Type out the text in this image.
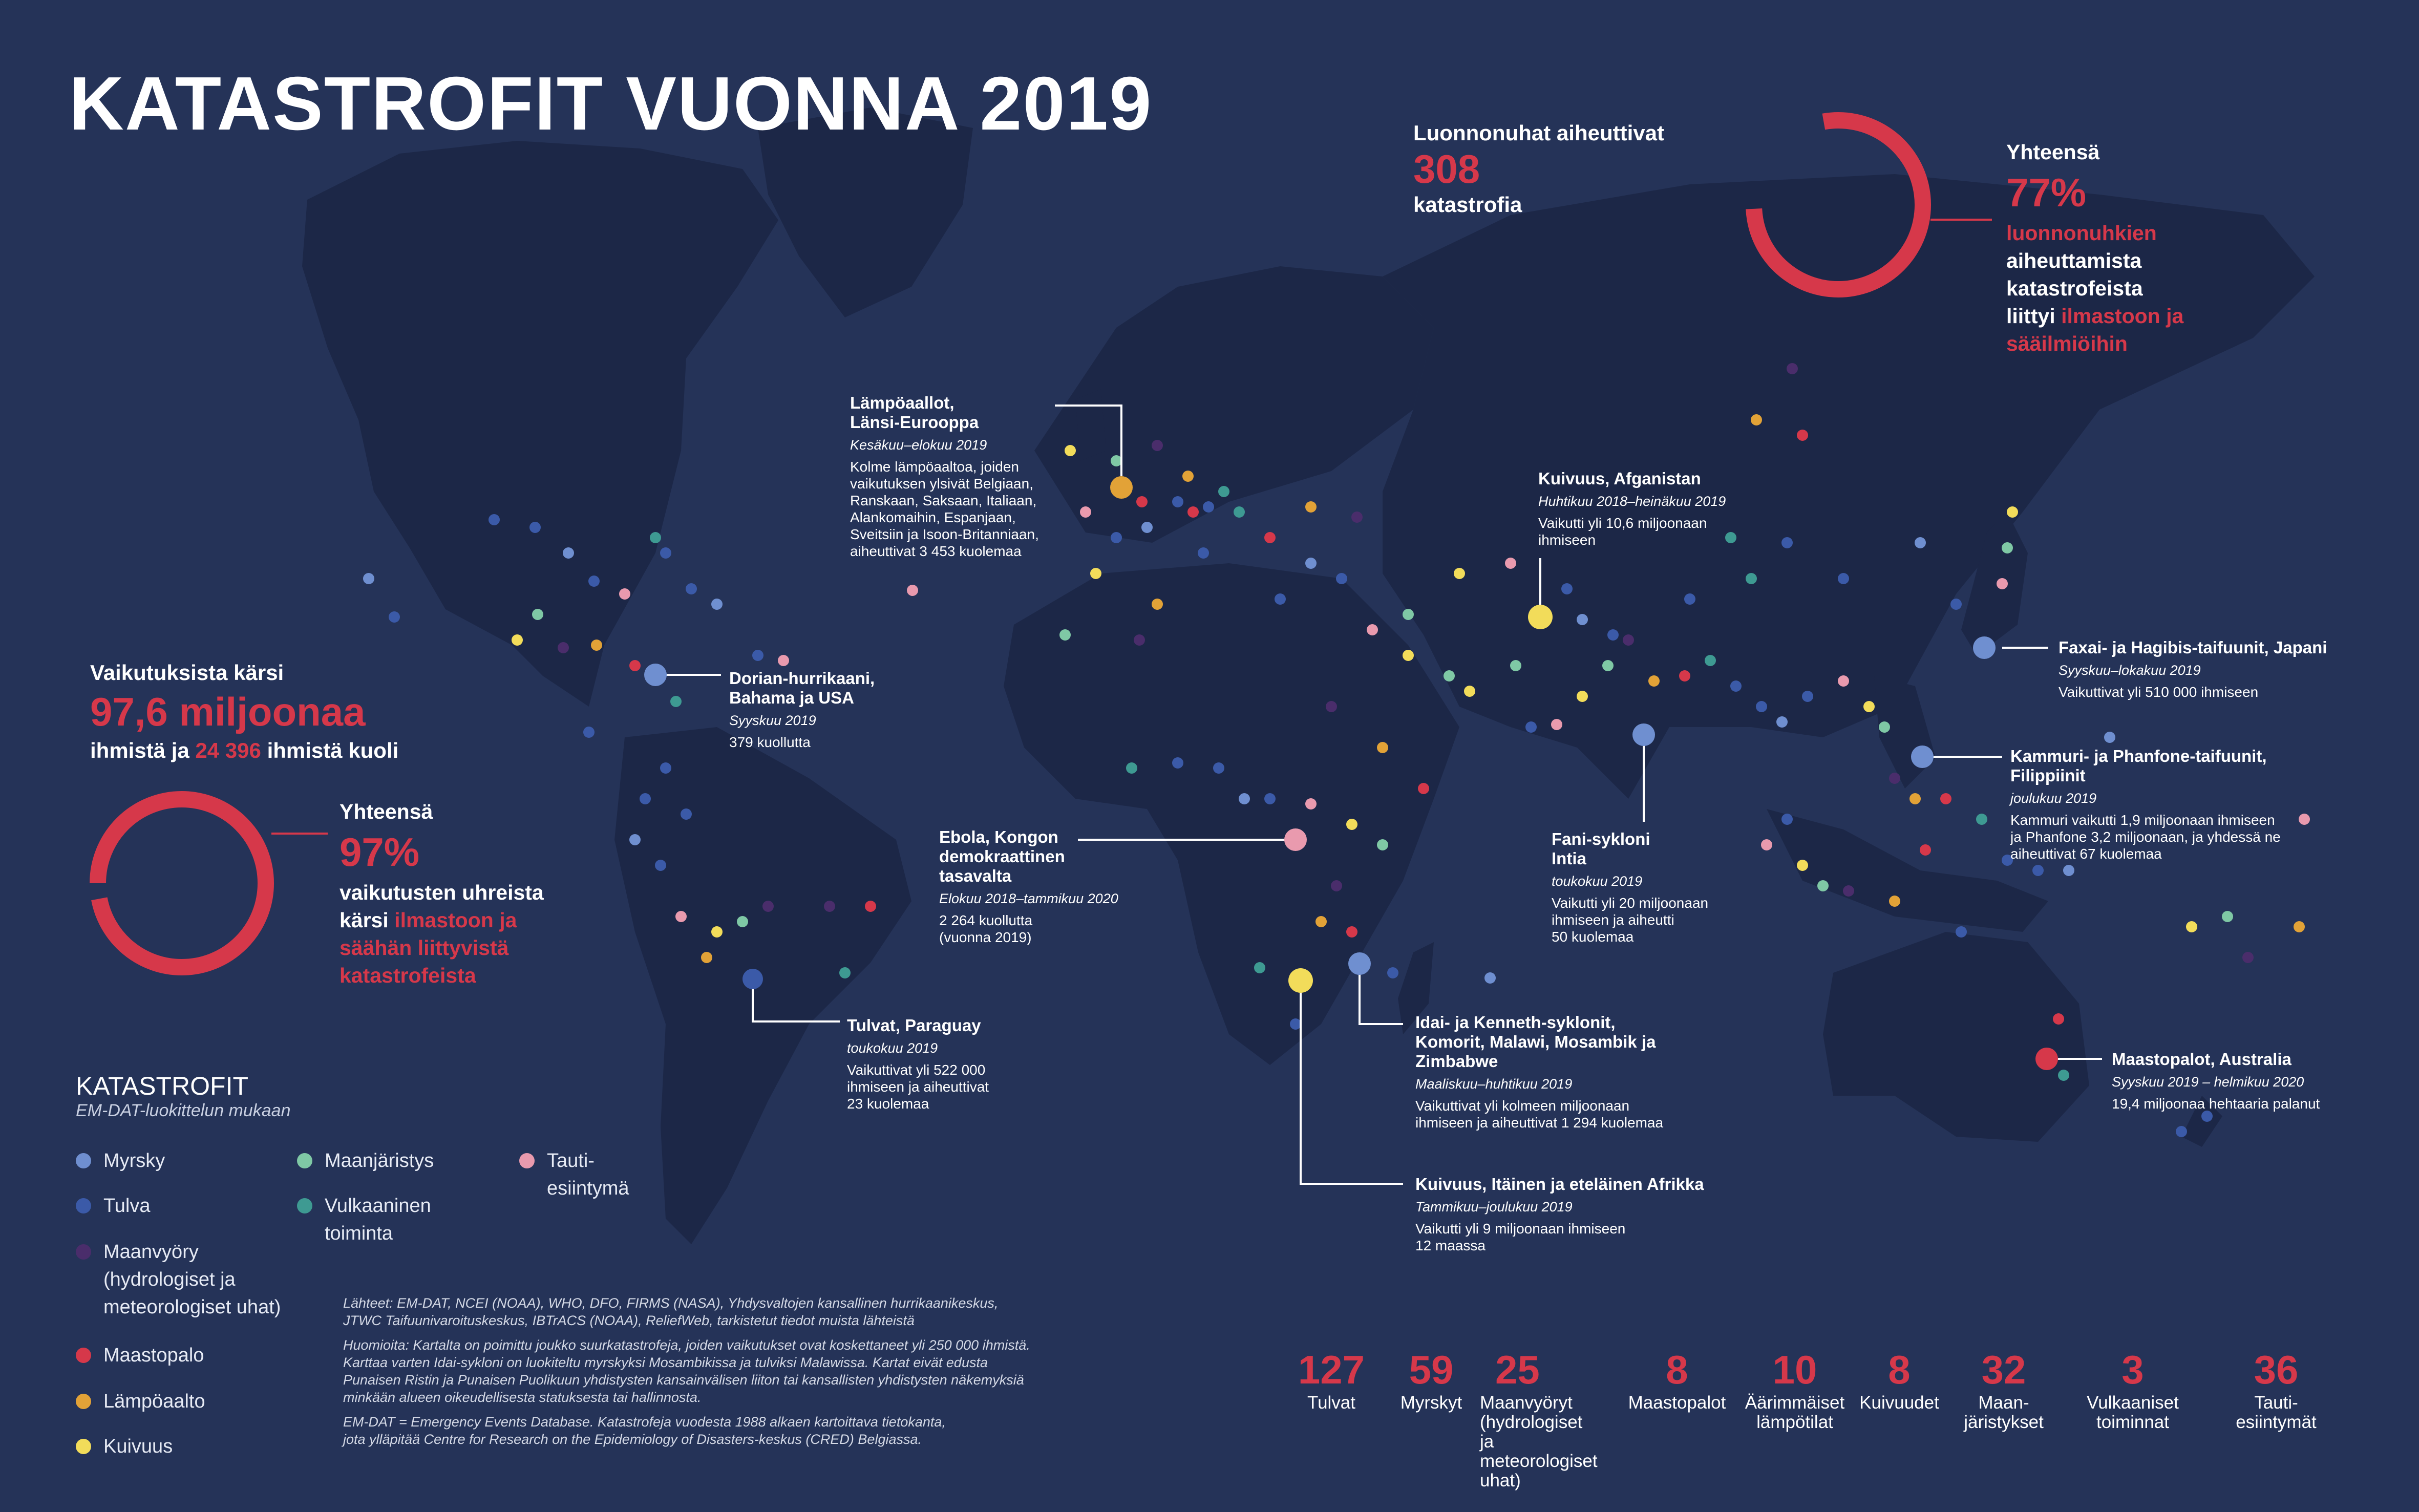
KATASTROFIT VUONNA 2019	Luonnonuhat aiheuttivat
308
katastrofia
Yhteensä
77%
luonnonuhkien
aiheuttamista
katastrofeista
liittyi ilmastoon ja
sääilmiöihin
Vaikutuksista kärsi
97,6 miljoonaa
ihmistä ja 24 396 ihmistä kuoli
Yhteensä
97%
vaikutusten uhreista
kärsi ilmastoon ja
säähän liittyvistä
katastrofeista
Lämpöaallot,
Länsi-Eurooppa
Kesäkuu–elokuu 2019
Kolme lämpöaaltoa, joiden
vaikutuksen ylsivät Belgiaan,
Ranskaan, Saksaan, Italiaan,
Alankomaihin, Espanjaan,
Sveitsiin ja Isoon-Britanniaan,
aiheuttivat 3 453 kuolemaa
Kuivuus, Afganistan
Huhtikuu 2018–heinäkuu 2019
Vaikutti yli 10,6 miljoonaan
ihmiseen
Faxai- ja Hagibis-taifuunit, Japani
Syyskuu–lokakuu 2019
Vaikuttivat yli 510 000 ihmiseen
Dorian-hurrikaani,
Bahama ja USA
Syyskuu 2019
379 kuollutta
Fani-sykloni
Intia
toukokuu 2019
Vaikutti yli 20 miljoonaan
ihmiseen ja aiheutti
50 kuolemaa
Kammuri- ja Phanfone-taifuunit,
Filippiinit
joulukuu 2019
Kammuri vaikutti 1,9 miljoonaan ihmiseen
ja Phanfone 3,2 miljoonaan, ja yhdessä ne
aiheuttivat 67 kuolemaa
Ebola, Kongon
demokraattinen
tasavalta
Elokuu 2018–tammikuu 2020
2 264 kuollutta
(vuonna 2019)
Tulvat, Paraguay
toukokuu 2019
Vaikuttivat yli 522 000
ihmiseen ja aiheuttivat
23 kuolemaa
Idai- ja Kenneth-syklonit,
Komorit, Malawi, Mosambik ja
Zimbabwe
Maaliskuu–huhtikuu 2019
Vaikuttivat yli kolmeen miljoonaan
ihmiseen ja aiheuttivat 1 294 kuolemaa
Maastopalot, Australia
Syyskuu 2019 – helmikuu 2020
19,4 miljoonaa hehtaaria palanut
Kuivuus, Itäinen ja eteläinen Afrikka
Tammikuu–joulukuu 2019
Vaikutti yli 9 miljoonaan ihmiseen
12 maassa
KATASTROFIT
EM-DAT-luokittelun mukaan
Myrsky
Tulva
Maanvyöry
(hydrologiset ja
meteorologiset uhat)
Maastopalo
Lämpöaalto
Kuivuus
Maanjäristys
Vulkaaninen
toiminta
Tauti-
esiintymä

Lähteet: EM-DAT, NCEI (NOAA), WHO, DFO, FIRMS (NASA), Yhdysvaltojen kansallinen hurrikaanikeskus,
JTWC Taifuunivaroituskeskus, IBTrACS (NOAA), ReliefWeb, tarkistetut tiedot muista lähteistä

Huomioita: Kartalta on poimittu joukko suurkatastrofeja, joiden vaikutukset ovat koskettaneet yli 250 000 ihmistä.
Karttaa varten Idai-sykloni on luokiteltu myrskyksi Mosambikissa ja tulviksi Malawissa. Kartat eivät edusta
Punaisen Ristin ja Punaisen Puolikuun yhdistysten kansainvälisen liiton tai kansallisten yhdistysten näkemyksiä
minkään alueen oikeudellisesta statuksesta tai hallinnosta.

EM-DAT = Emergency Events Database. Katastrofeja vuodesta 1988 alkaen kartoittava tietokanta,
jota ylläpitää Centre for Research on the Epidemiology of Disasters-keskus (CRED) Belgiassa.

127
Tulvat
59
Myrskyt
25
Maanvyöryt
(hydrologiset
ja meteorologiset
uhat)
8
Maastopalot
10
Äärimmäiset
lämpötilat
8
Kuivuudet
32
Maan-
järistykset
3
Vulkaaniset
toiminnat
36
Tauti-
esiintymät
